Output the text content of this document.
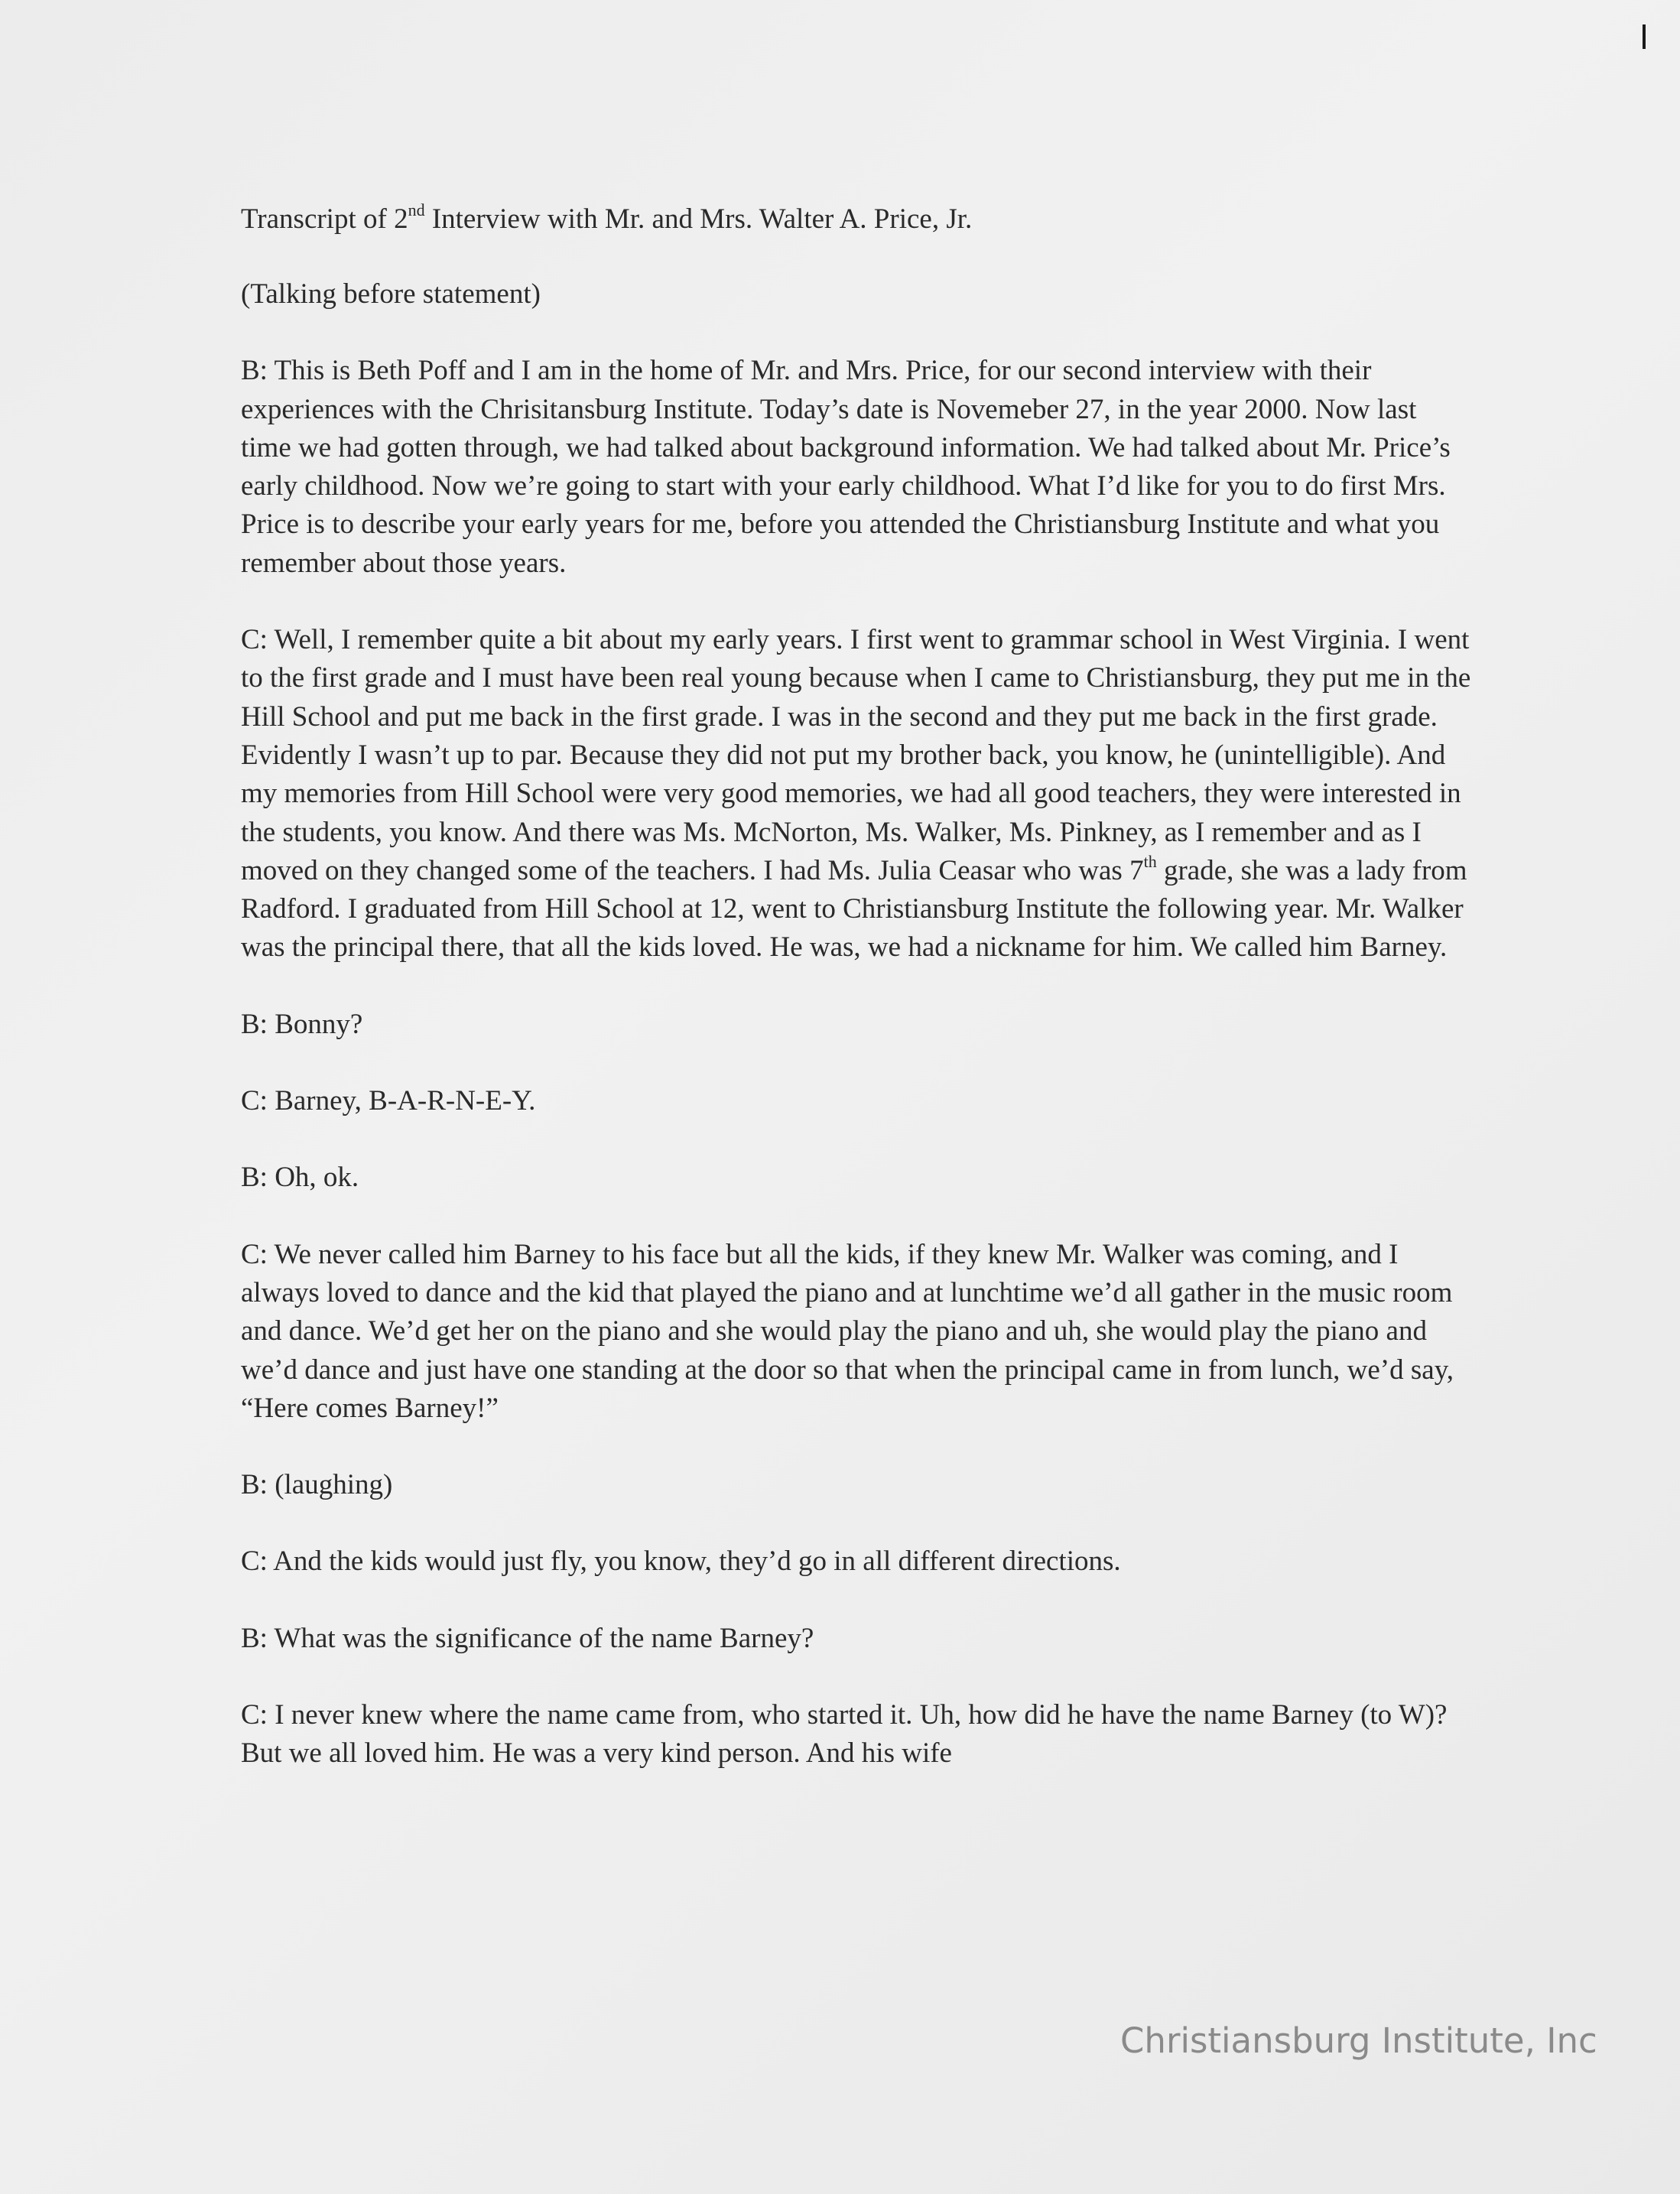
Transcript of 2nd Interview with Mr. and Mrs. Walter A. Price, Jr.

(Talking before statement)

B: This is Beth Poff and I am in the home of Mr. and Mrs. Price, for our second interview with their experiences with the Chrisitansburg Institute. Today’s date is Novemeber 27, in the year 2000. Now last time we had gotten through, we had talked about background information. We had talked about Mr. Price’s early childhood. Now we’re going to start with your early childhood. What I’d like for you to do first Mrs. Price is to describe your early years for me, before you attended the Christiansburg Institute and what you remember about those years.

C: Well, I remember quite a bit about my early years. I first went to grammar school in West Virginia. I went to the first grade and I must have been real young because when I came to Christiansburg, they put me in the Hill School and put me back in the first grade. I was in the second and they put me back in the first grade. Evidently I wasn’t up to par. Because they did not put my brother back, you know, he (unintelligible). And my memories from Hill School were very good memories, we had all good teachers, they were interested in the students, you know. And there was Ms. McNorton, Ms. Walker, Ms. Pinkney, as I remember and as I moved on they changed some of the teachers. I had Ms. Julia Ceasar who was 7th grade, she was a lady from Radford. I graduated from Hill School at 12, went to Christiansburg Institute the following year. Mr. Walker was the principal there, that all the kids loved. He was, we had a nickname for him. We called him Barney.

B: Bonny?

C: Barney, B-A-R-N-E-Y.

B: Oh, ok.

C: We never called him Barney to his face but all the kids, if they knew Mr. Walker was coming, and I always loved to dance and the kid that played the piano and at lunchtime we’d all gather in the music room and dance. We’d get her on the piano and she would play the piano and uh, she would play the piano and we’d dance and just have one standing at the door so that when the principal came in from lunch, we’d say, “Here comes Barney!”

B: (laughing)

C: And the kids would just fly, you know, they’d go in all different directions.

B: What was the significance of the name Barney?

C: I never knew where the name came from, who started it. Uh, how did he have the name Barney (to W)? But we all loved him. He was a very kind person. And his wife

Christiansburg Institute, Inc
